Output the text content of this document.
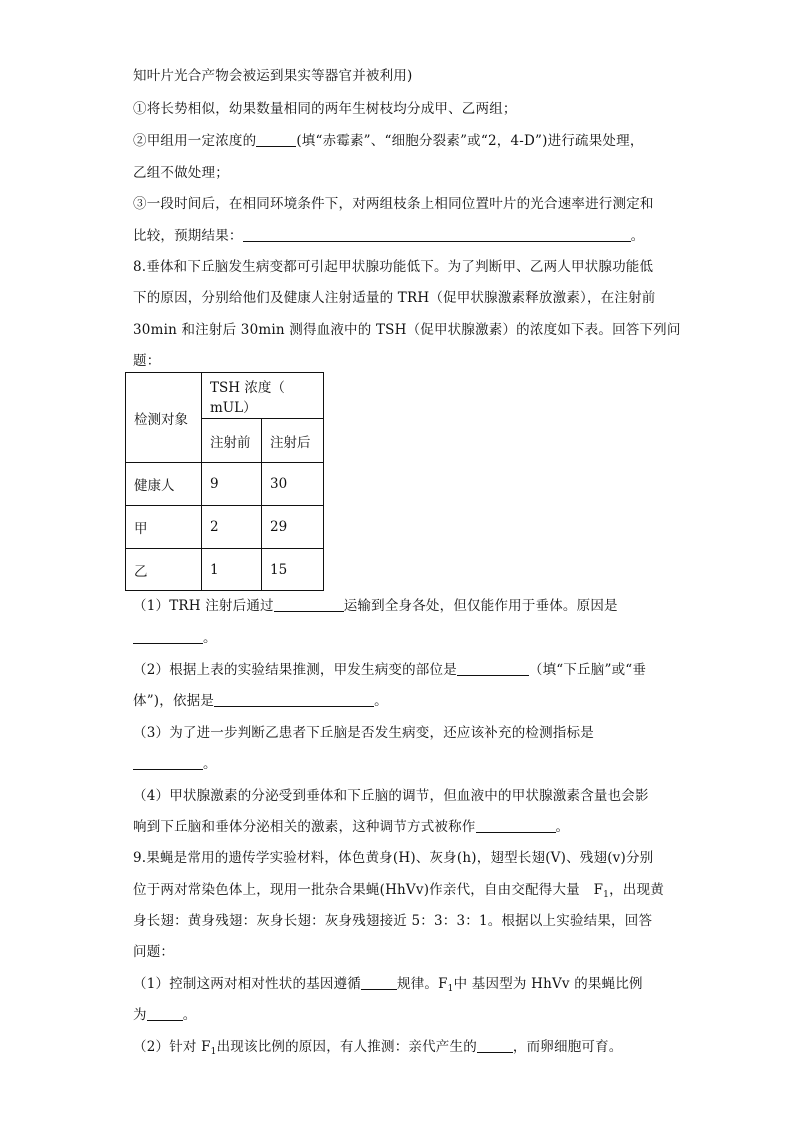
知叶片光合产物会被运到果实等器官并被利用)
①将长势相似，幼果数量相同的两年生树枝均分成甲、乙两组；
②甲组用一定浓度的	(填“赤霉素”、“细胞分裂素”或“2，4-D”)进行疏果处理，
乙组不做处理；
③一段时间后，在相同环境条件下，对两组枝条上相同位置叶片的光合速率进行测定和
比较，预期结果：	。
8.垂体和下丘脑发生病变都可引起甲状腺功能低下。为了判断甲、乙两人甲状腺功能低
下的原因，分别给他们及健康人注射适量的 TRH（促甲状腺激素释放激素），在注射前
30min 和注射后 30min 测得血液中的 TSH（促甲状腺激素）的浓度如下表。回答下列问
题：
检测对象	TSH 浓度（ mUL）	
	注射前	注射后
健康人	9	30
甲	2	29
乙	1	15
（1）TRH 注射后通过	运输到全身各处，但仅能作用于垂体。原因是
。
（2）根据上表的实验结果推测，甲发生病变的部位是	（填“下丘脑”或“垂
体”)，依据是	。
（3）为了进一步判断乙患者下丘脑是否发生病变，还应该补充的检测指标是
。
（4）甲状腺激素的分泌受到垂体和下丘脑的调节，但血液中的甲状腺激素含量也会影
响到下丘脑和垂体分泌相关的激素，这种调节方式被称作	。
9.果蝇是常用的遗传学实验材料，体色黄身(H)、灰身(h)，翅型长翅(V)、残翅(v)分别
位于两对常染色体上，现用一批杂合果蝇(HhVv)作亲代，自由交配得大量　$F_1$，出现黄
身长翅：黄身残翅：灰身长翅：灰身残翅接近 5：3：3：1。根据以上实验结果，回答
问题：
（1）控制这两对相对性状的基因遵循	规律。$F_1$中 基因型为 HhVv 的果蝇比例
为	。
（2）针对 $F_1$出现该比例的原因，有人推测：亲代产生的	，而卵细胞可育。
